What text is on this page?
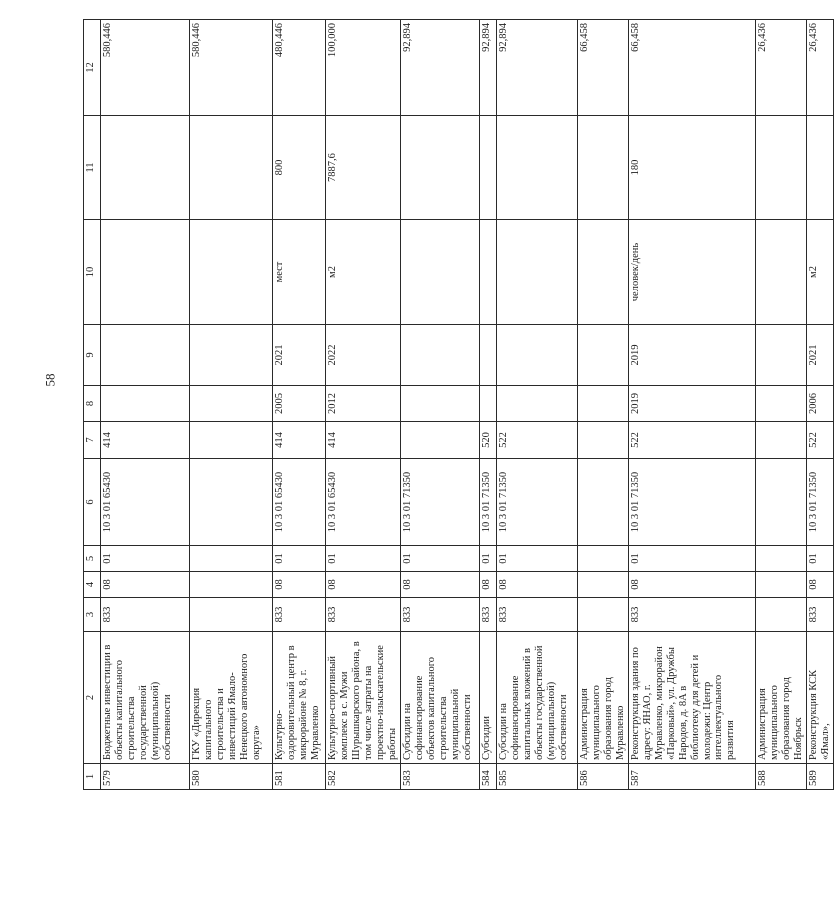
58
1	2	3	4	5	6	7	8	9	10	11	12
579	Бюджетные инвестиции в объекты капитального строительства государственной (муниципальной) собственности	833	08	01	10 3 01 65430	414					580,446
580	ГКУ «Дирекция капитального строительства и инвестиций Ямало-Ненецкого автономного округа»										580,446
581	Культурно-оздоровительный центр в микрорайоне № 8, г. Муравленко	833	08	01	10 3 01 65430	414	2005	2021	мест	800	480,446
582	Культурно-спортивный комплекс в с. Мужи Шурышкарского района, в том числе затраты на проектно-изыскательские работы	833	08	01	10 3 01 65430	414	2012	2022	м2	7887,6	100,000
583	Субсидии на софинансирование объектов капитального строительства муниципальной собственности	833	08	01	10 3 01 71350						92,894
584	Субсидии	833	08	01	10 3 01 71350	520					92,894
585	Субсидии на софинансирование капитальных вложений в объекты государственной (муниципальной) собственности	833	08	01	10 3 01 71350	522					92,894
586	Администрация муниципального образования город Муравленко										66,458
587	Реконструкция здания по адресу: ЯНАО, г. Муравленко, микрорайон «Парковый», ул. Дружбы Народов, д. 8А в библиотеку для детей и молодежи: Центр интеллектуального развития	833	08	01	10 3 01 71350	522	2019	2019	человек/день	180	66,458
588	Администрация муниципального образования город Ноябрьск										26,436
589	Реконструкция КСК «Ямал»,	833	08	01	10 3 01 71350	522	2006	2021	м2		26,436
